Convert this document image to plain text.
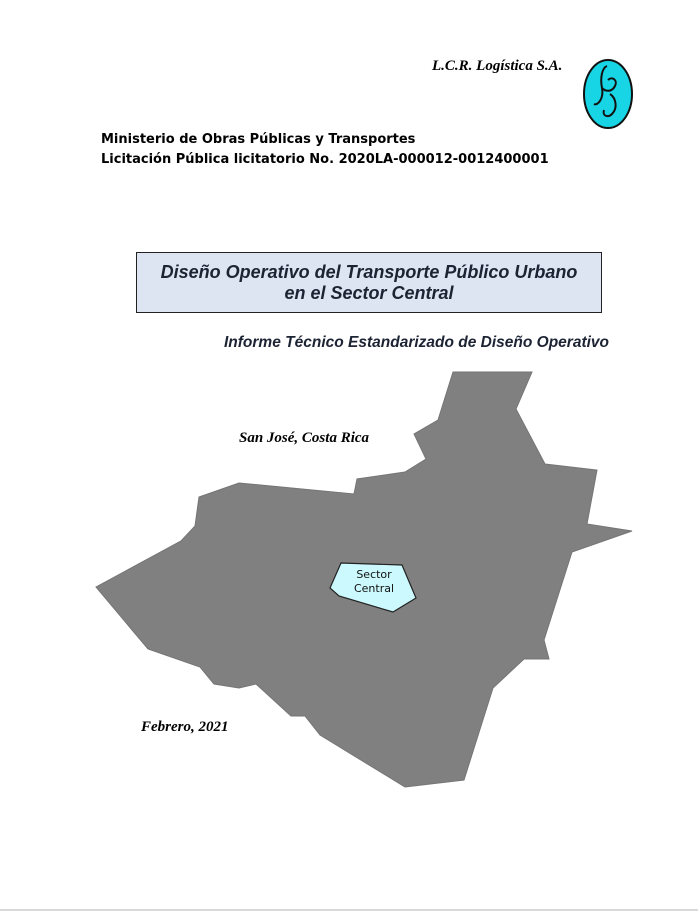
L.C.R. Logística S.A.
Ministerio de Obras Públicas y Transportes
Licitación Pública licitatorio No. 2020LA-000012-0012400001
Diseño Operativo del Transporte Público Urbano
en el Sector Central
Informe Técnico Estandarizado de Diseño Operativo
San José, Costa Rica
Sector
Central
Febrero, 2021
